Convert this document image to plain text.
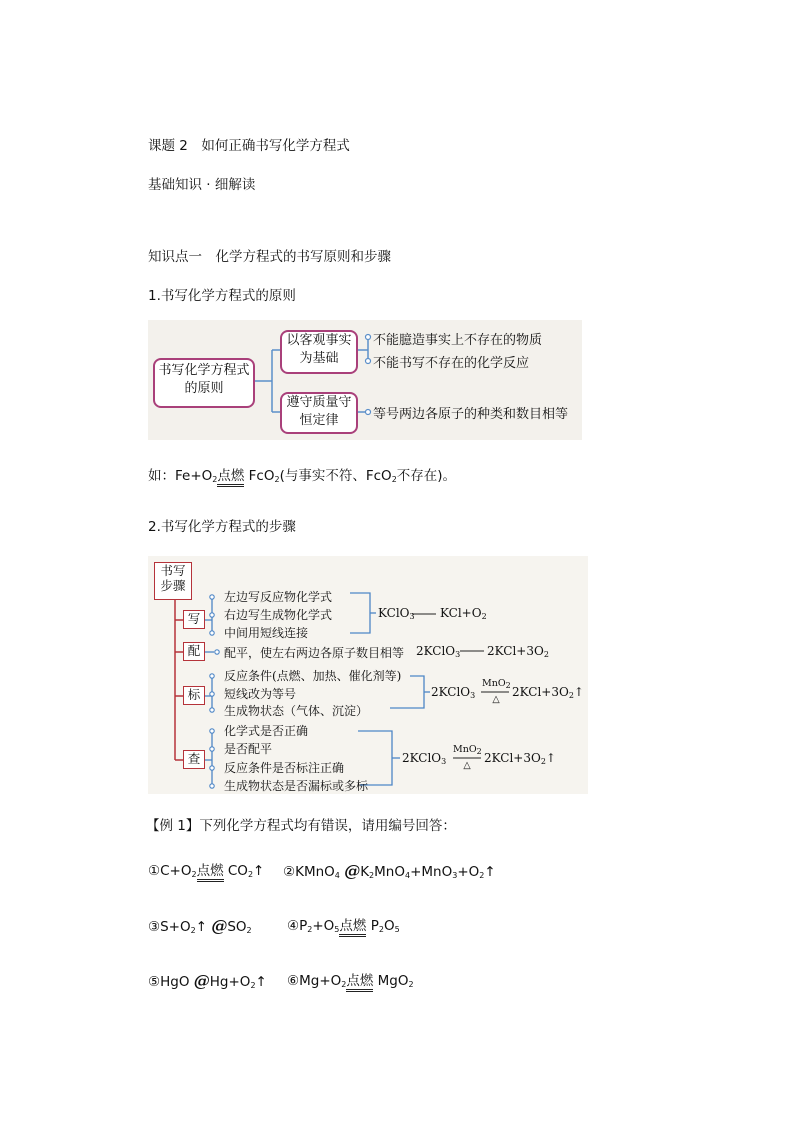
课题 2　如何正确书写化学方程式
基础知识 · 细解读
知识点一　化学方程式的书写原则和步骤
1.书写化学方程式的原则
书写化学方程式的原则
以客观事实为基础
遵守质量守恒定律
不能臆造事实上不存在的物质
不能书写不存在的化学反应
等号两边各原子的种类和数目相等
如：$Fe+O_2$点燃 FcO$_2$(与事实不符、FcO$_2$不存在)。
2.书写化学方程式的步骤
书写步骤
写
配
标
查
左边写反应物化学式
右边写生成物化学式
中间用短线连接
KClO$_3$ $KCl+O_2$
配平，使左右两边各原子数目相等 2KClO$_3$ $2KCl+3O_2$
反应条件(点燃、加热、催化剂等)
短线改为等号
生成物状态（气体、沉淀）
2KClO$_3$
MnO$_2$
△
$2KCl+3O_2↑$
化学式是否正确
是否配平
反应条件是否标注正确
生成物状态是否漏标或多标
2KClO$_3$
MnO$_2$
△
$2KCl+3O_2↑$
【例 1】下列化学方程式均有错误，请用编号回答：
$①C+O_2$点燃 $CO_2↑$ ②KMnO$_4$ $@K_2MnO_4+MnO_3+O_2↑$
$③S+O_2↑$ $@SO_2$	$④P_2+O_5$点燃 $P_2O_5$
⑤HgO $@Hg+O_2↑$ $⑥Mg+O_2$点燃 MgO$_2$
